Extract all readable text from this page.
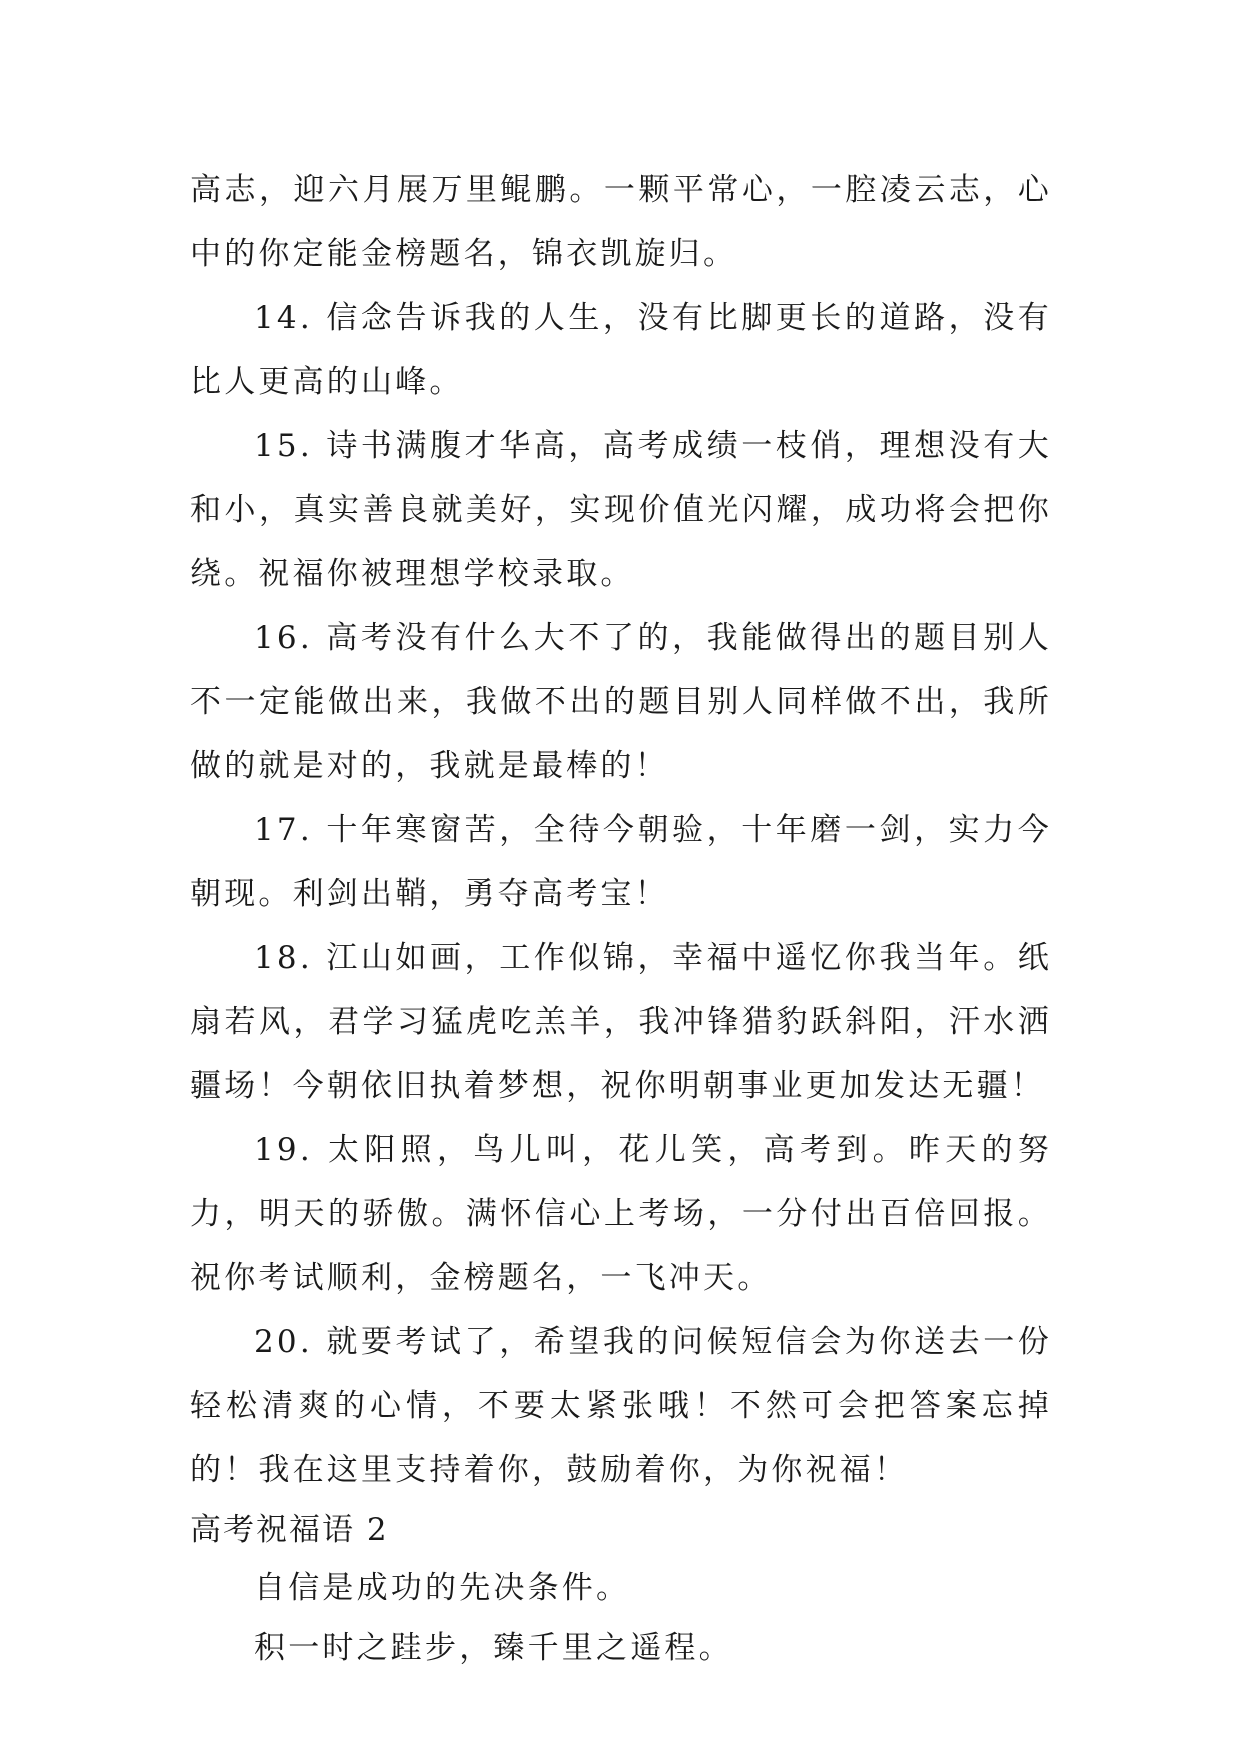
高志，迎六月展万里鲲鹏。一颗平常心，一腔凌云志，心中的你定能金榜题名，锦衣凯旋归。

14. 信念告诉我的人生，没有比脚更长的道路，没有比人更高的山峰。

15. 诗书满腹才华高，高考成绩一枝俏，理想没有大和小，真实善良就美好，实现价值光闪耀，成功将会把你绕。祝福你被理想学校录取。

16. 高考没有什么大不了的，我能做得出的题目别人不一定能做出来，我做不出的题目别人同样做不出，我所做的就是对的，我就是最棒的！

17. 十年寒窗苦，全待今朝验，十年磨一剑，实力今朝现。利剑出鞘，勇夺高考宝！

18. 江山如画，工作似锦，幸福中遥忆你我当年。纸扇若风，君学习猛虎吃羔羊，我冲锋猎豹跃斜阳，汗水洒疆场！今朝依旧执着梦想，祝你明朝事业更加发达无疆！

19. 太阳照，鸟儿叫，花儿笑，高考到。昨天的努力，明天的骄傲。满怀信心上考场，一分付出百倍回报。祝你考试顺利，金榜题名，一飞冲天。

20. 就要考试了，希望我的问候短信会为你送去一份轻松清爽的心情，不要太紧张哦！不然可会把答案忘掉的！我在这里支持着你，鼓励着你，为你祝福！

高考祝福语 2

自信是成功的先决条件。

积一时之跬步，臻千里之遥程。
